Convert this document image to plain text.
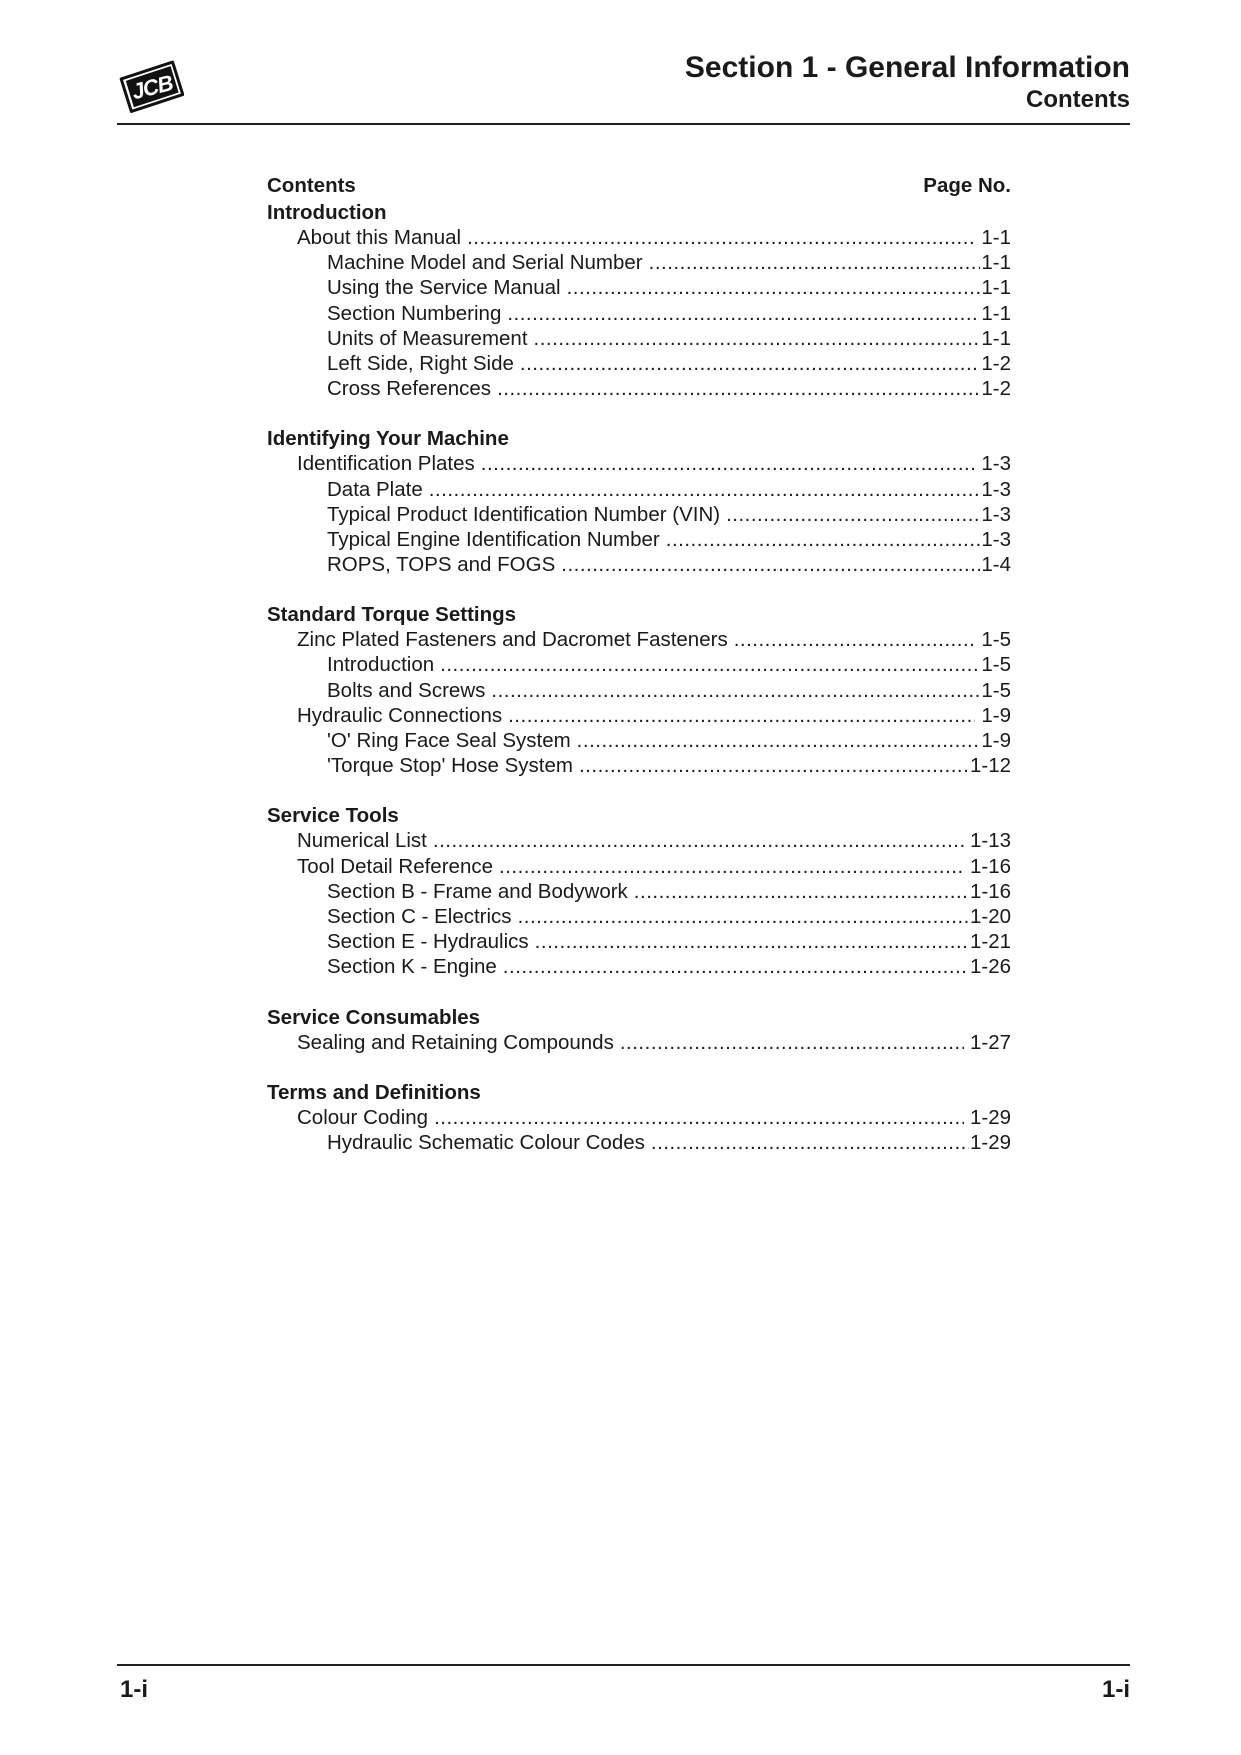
JCB
Section 1 - General Information
Contents
Contents	Page No.
Introduction
About this Manual .....	1-1
Machine Model and Serial Number .....	1-1
Using the Service Manual .....	1-1
Section Numbering .....	1-1
Units of Measurement .....	1-1
Left Side, Right Side .....	1-2
Cross References .....	1-2
Identifying Your Machine
Identification Plates .....	1-3
Data Plate .....	1-3
Typical Product Identification Number (VIN) .....	1-3
Typical Engine Identification Number .....	1-3
ROPS, TOPS and FOGS .....	1-4
Standard Torque Settings
Zinc Plated Fasteners and Dacromet Fasteners .....	1-5
Introduction .....	1-5
Bolts and Screws .....	1-5
Hydraulic Connections .....	1-9
'O' Ring Face Seal System .....	1-9
'Torque Stop' Hose System .....	1-12
Service Tools
Numerical List .....	1-13
Tool Detail Reference .....	1-16
Section B - Frame and Bodywork .....	1-16
Section C - Electrics .....	1-20
Section E - Hydraulics .....	1-21
Section K - Engine .....	1-26
Service Consumables
Sealing and Retaining Compounds .....	1-27
Terms and Definitions
Colour Coding .....	1-29
Hydraulic Schematic Colour Codes .....	1-29
1-i	1-i
